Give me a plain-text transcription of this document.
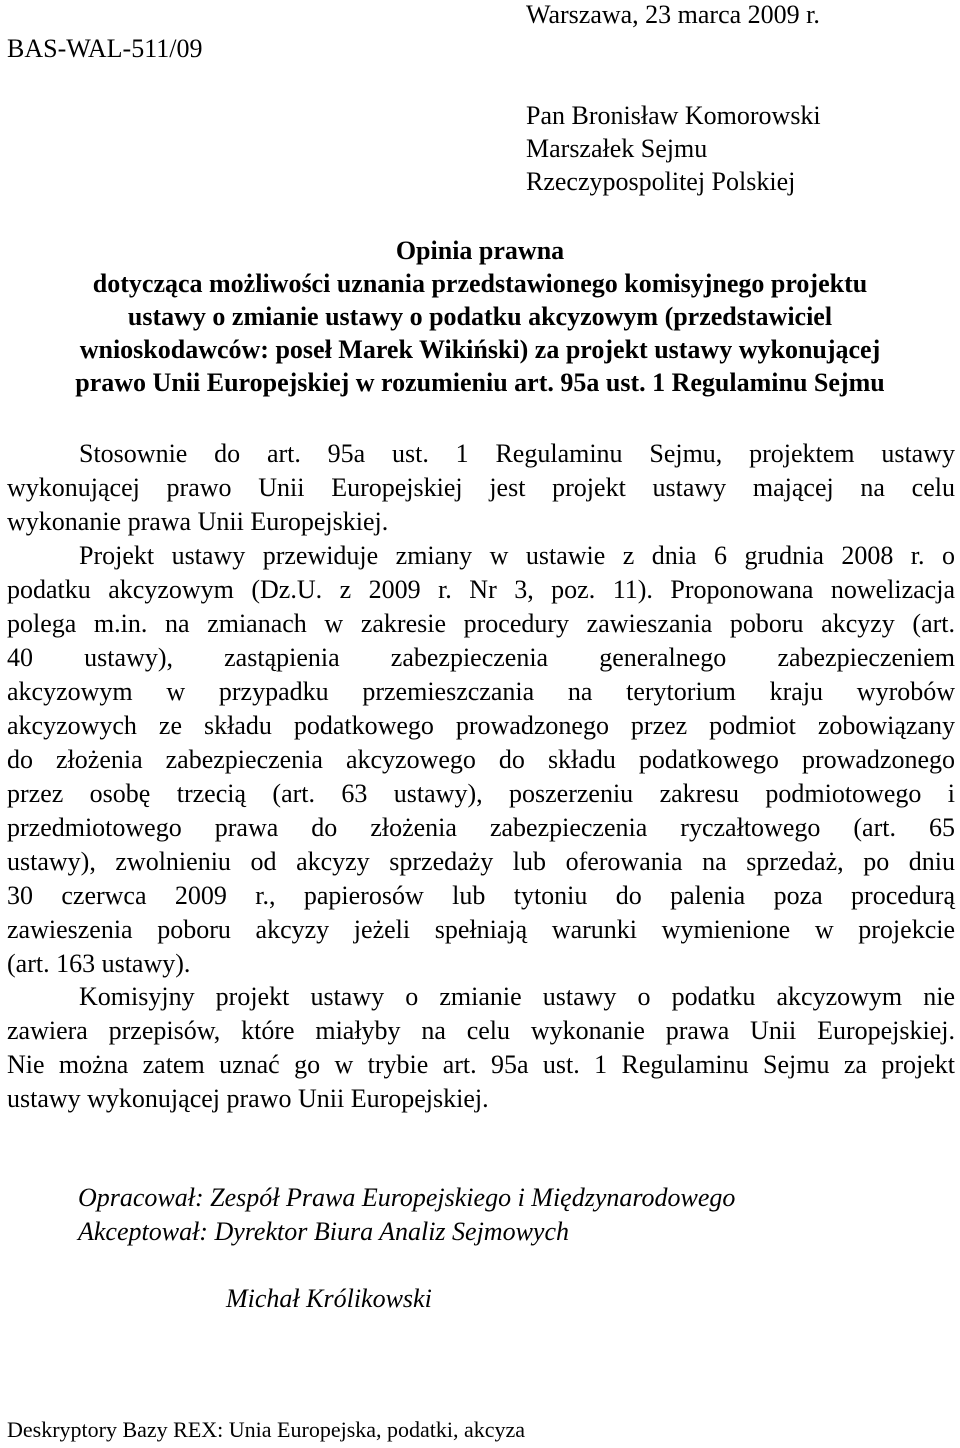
BAS-WAL-511/09
Warszawa, 23 marca 2009 r.
Pan Bronisław Komorowski
Marszałek Sejmu
Rzeczypospolitej Polskiej
Opinia prawna
dotycząca możliwości uznania przedstawionego komisyjnego projektu
ustawy o zmianie ustawy o podatku akcyzowym (przedstawiciel
wnioskodawców: poseł Marek Wikiński) za projekt ustawy wykonującej
prawo Unii Europejskiej w rozumieniu art. 95a ust. 1 Regulaminu Sejmu
Stosownie do art. 95a ust. 1 Regulaminu Sejmu, projektem ustawy
wykonującej prawo Unii Europejskiej jest projekt ustawy mającej na celu
wykonanie prawa Unii Europejskiej.
Projekt ustawy przewiduje zmiany w ustawie z dnia 6 grudnia 2008 r. o
podatku akcyzowym (Dz.U. z 2009 r. Nr 3, poz. 11). Proponowana nowelizacja
polega m.in. na zmianach w zakresie procedury zawieszania poboru akcyzy (art.
40 ustawy), zastąpienia zabezpieczenia generalnego zabezpieczeniem
akcyzowym w przypadku przemieszczania na terytorium kraju wyrobów
akcyzowych ze składu podatkowego prowadzonego przez podmiot zobowiązany
do złożenia zabezpieczenia akcyzowego do składu podatkowego prowadzonego
przez osobę trzecią (art. 63 ustawy), poszerzeniu zakresu podmiotowego i
przedmiotowego prawa do złożenia zabezpieczenia ryczałtowego (art. 65
ustawy), zwolnieniu od akcyzy sprzedaży lub oferowania na sprzedaż, po dniu
30 czerwca 2009 r., papierosów lub tytoniu do palenia poza procedurą
zawieszenia poboru akcyzy jeżeli spełniają warunki wymienione w projekcie
(art. 163 ustawy).
Komisyjny projekt ustawy o zmianie ustawy o podatku akcyzowym nie
zawiera przepisów, które miałyby na celu wykonanie prawa Unii Europejskiej.
Nie można zatem uznać go w trybie art. 95a ust. 1 Regulaminu Sejmu za projekt
ustawy wykonującej prawo Unii Europejskiej.
Opracował: Zespół Prawa Europejskiego i Międzynarodowego
Akceptował: Dyrektor Biura Analiz Sejmowych
Michał Królikowski
Deskryptory Bazy REX: Unia Europejska, podatki, akcyza
